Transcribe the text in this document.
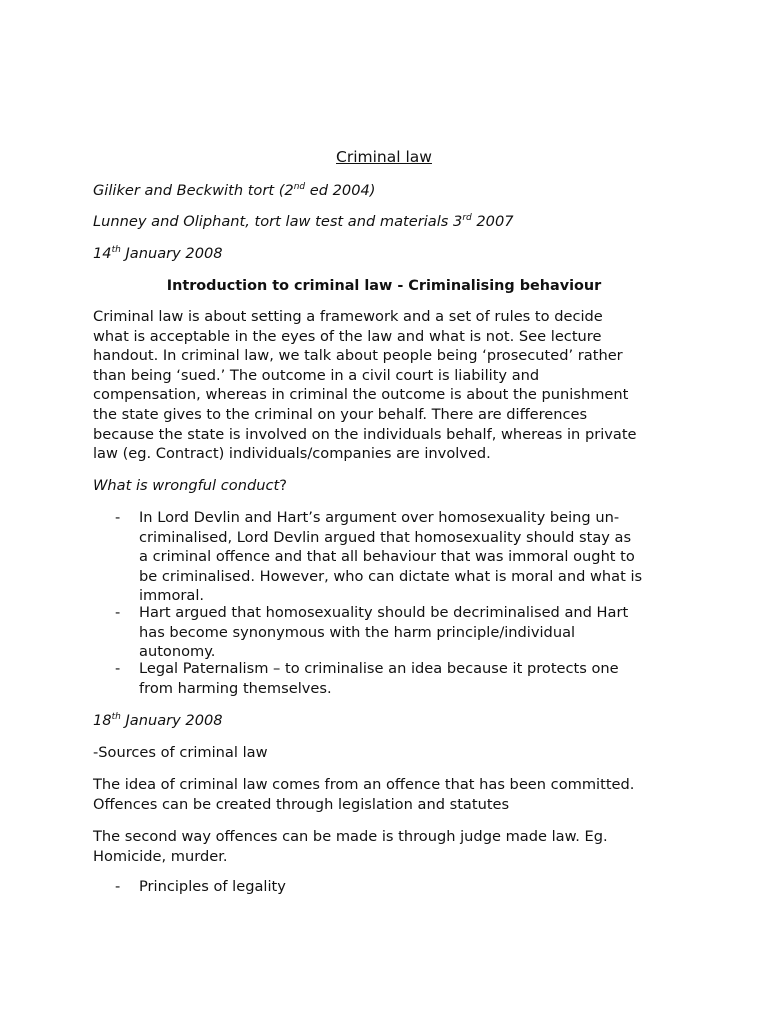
Criminal law
Giliker and Beckwith tort (2nd ed 2004)
Lunney and Oliphant, tort law test and materials 3rd 2007
14th January 2008
Introduction to criminal law - Criminalising behaviour
Criminal law is about setting a framework and a set of rules to decide
what is acceptable in the eyes of the law and what is not. See lecture
handout. In criminal law, we talk about people being ‘prosecuted’ rather
than being ‘sued.’ The outcome in a civil court is liability and
compensation, whereas in criminal the outcome is about the punishment
the state gives to the criminal on your behalf. There are differences
because the state is involved on the individuals behalf, whereas in private
law (eg. Contract) individuals/companies are involved.
What is wrongful conduct?
- In Lord Devlin and Hart’s argument over homosexuality being un-
criminalised, Lord Devlin argued that homosexuality should stay as
a criminal offence and that all behaviour that was immoral ought to
be criminalised. However, who can dictate what is moral and what is
immoral.
- Hart argued that homosexuality should be decriminalised and Hart
has become synonymous with the harm principle/individual
autonomy.
- Legal Paternalism – to criminalise an idea because it protects one
from harming themselves.
18th January 2008
-Sources of criminal law
The idea of criminal law comes from an offence that has been committed.
Offences can be created through legislation and statutes
The second way offences can be made is through judge made law. Eg.
Homicide, murder.
- Principles of legality
